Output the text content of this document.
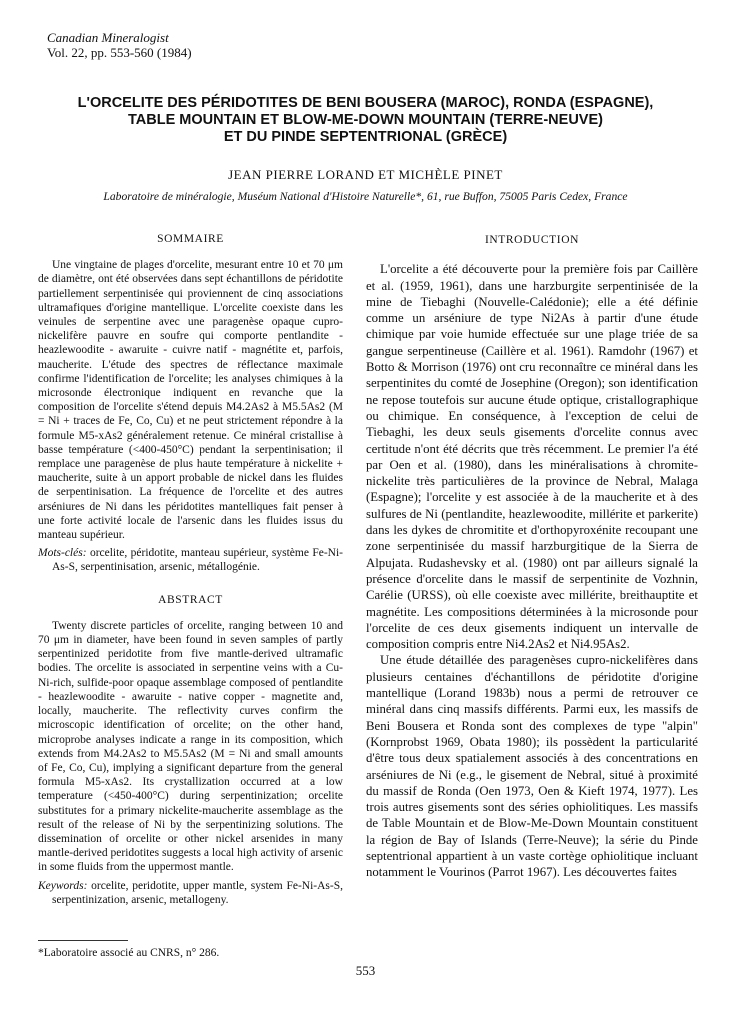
Canadian Mineralogist
Vol. 22, pp. 553-560 (1984)
L'ORCELITE DES PÉRIDOTITES DE BENI BOUSERA (MAROC), RONDA (ESPAGNE),
TABLE MOUNTAIN ET BLOW-ME-DOWN MOUNTAIN (TERRE-NEUVE)
ET DU PINDE SEPTENTRIONAL (GRÈCE)
JEAN PIERRE LORAND ET MICHÈLE PINET
Laboratoire de minéralogie, Muséum National d'Histoire Naturelle*, 61, rue Buffon, 75005 Paris Cedex, France
SOMMAIRE

Une vingtaine de plages d'orcelite, mesurant entre 10 et 70 μm de diamètre, ont été observées dans sept échantillons de péridotite partiellement serpentinisée qui proviennent de cinq associations ultramafiques d'origine mantellique. L'orcelite coexiste dans les veinules de serpentine avec une paragenèse opaque cupro-nickelifère pauvre en soufre qui comporte pentlandite - heazlewoodite - awaruite - cuivre natif - magnétite et, parfois, maucherite. L'étude des spectres de réflectance maximale confirme l'identification de l'orcelite; les analyses chimiques à la microsonde électronique indiquent en revanche que la composition de l'orcelite s'étend depuis M4.2As2 à M5.5As2 (M = Ni + traces de Fe, Co, Cu) et ne peut strictement répondre à la formule M5-xAs2 généralement retenue. Ce minéral cristallise à basse température (<400-450°C) pendant la serpentinisation; il remplace une paragenèse de plus haute température à nickelite + maucherite, suite à un apport probable de nickel dans les fluides de serpentinisation. La fréquence de l'orcelite et des autres arséniures de Ni dans les péridotites mantelliques fait penser à une forte activité locale de l'arsenic dans les fluides issus du manteau supérieur.

Mots-clés: orcelite, péridotite, manteau supérieur, système Fe-Ni-As-S, serpentinisation, arsenic, métallogénie.

ABSTRACT

Twenty discrete particles of orcelite, ranging between 10 and 70 μm in diameter, have been found in seven samples of partly serpentinized peridotite from five mantle-derived ultramafic bodies. The orcelite is associated in serpentine veins with a Cu-Ni-rich, sulfide-poor opaque assemblage composed of pentlandite - heazlewoodite - awaruite - native copper - magnetite and, locally, maucherite. The reflectivity curves confirm the microscopic identification of orcelite; on the other hand, microprobe analyses indicate a range in its composition, which extends from M4.2As2 to M5.5As2 (M = Ni and small amounts of Fe, Co, Cu), implying a significant departure from the general formula M5-xAs2. Its crystallization occurred at a low temperature (<450-400°C) during serpentinization; orcelite substitutes for a primary nickelite-maucherite assemblage as the result of the release of Ni by the serpentinizing solutions. The dissemination of orcelite or other nickel arsenides in many mantle-derived peridotites suggests a local high activity of arsenic in some fluids from the uppermost mantle.

Keywords: orcelite, peridotite, upper mantle, system Fe-Ni-As-S, serpentinization, arsenic, metallogeny.

*Laboratoire associé au CNRS, n° 286.
INTRODUCTION

L'orcelite a été découverte pour la première fois par Caillère et al. (1959, 1961), dans une harzburgite serpentinisée de la mine de Tiebaghi (Nouvelle-Calédonie); elle a été définie comme un arséniure de type Ni2As à partir d'une étude chimique par voie humide effectuée sur une plage triée de sa gangue serpentineuse (Caillère et al. 1961). Ramdohr (1967) et Botto & Morrison (1976) ont cru reconnaître ce minéral dans les serpentinites du comté de Josephine (Oregon); son identification ne repose toutefois sur aucune étude optique, cristallographique ou chimique. En conséquence, à l'exception de celui de Tiebaghi, les deux seuls gisements d'orcelite connus avec certitude n'ont été décrits que très récemment. Le premier l'a été par Oen et al. (1980), dans les minéralisations à chromite-nickelite très particulières de la province de Nebral, Malaga (Espagne); l'orcelite y est associée à de la maucherite et à des sulfures de Ni (pentlandite, heazlewoodite, millérite et parkerite) dans les dykes de chromitite et d'orthopyroxénite recoupant une zone serpentinisée du massif harzburgitique de la Sierra de Alpujata. Rudashevsky et al. (1980) ont par ailleurs signalé la présence d'orcelite dans le massif de serpentinite de Vozhnin, Carélie (URSS), où elle coexiste avec millérite, breithauptite et magnétite. Les compositions déterminées à la microsonde pour l'orcelite de ces deux gisements indiquent un intervalle de composition compris entre Ni4.2As2 et Ni4.95As2.

Une étude détaillée des paragenèses cupro-nickelifères dans plusieurs centaines d'échantillons de péridotite d'origine mantellique (Lorand 1983b) nous a permi de retrouver ce minéral dans cinq massifs différents. Parmi eux, les massifs de Beni Bousera et Ronda sont des complexes de type "alpin" (Kornprobst 1969, Obata 1980); ils possèdent la particularité d'être tous deux spatialement associés à des concentrations en arséniures de Ni (e.g., le gisement de Nebral, situé à proximité du massif de Ronda (Oen 1973, Oen & Kieft 1974, 1977). Les trois autres gisements sont des séries ophiolitiques. Les massifs de Table Mountain et de Blow-Me-Down Mountain constituent la région de Bay of Islands (Terre-Neuve); la série du Pinde septentrional appartient à un vaste cortège ophiolitique incluant notamment le Vourinos (Parrot 1967). Les découvertes faites

553
